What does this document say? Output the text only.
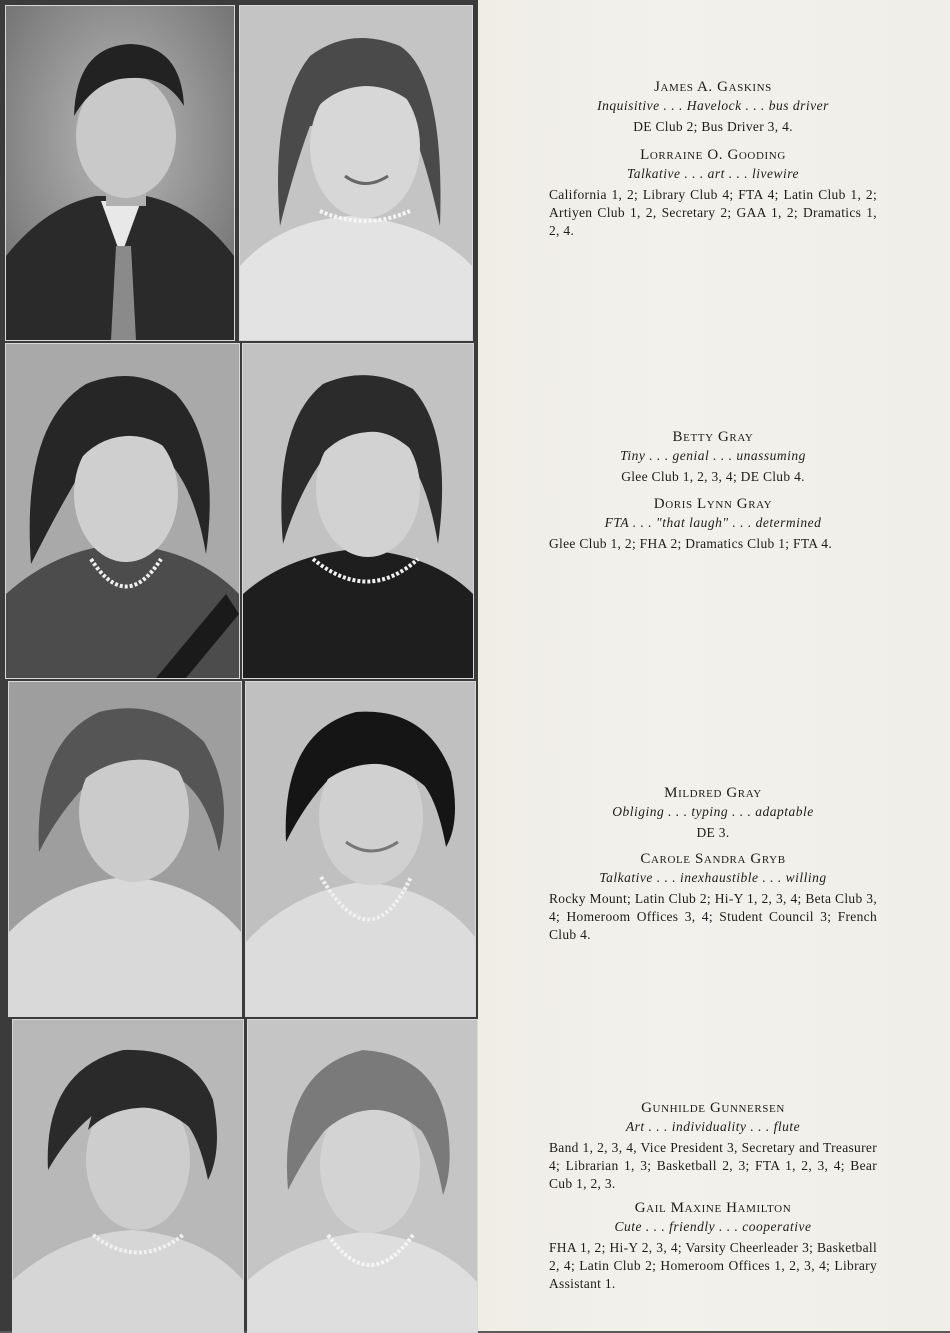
James A. Gaskins
Inquisitive . . . Havelock . . . bus driver
DE Club 2; Bus Driver 3, 4.
Lorraine O. Gooding
Talkative . . . art . . . livewire
California 1, 2; Library Club 4; FTA 4; Latin Club 1, 2; Artiyen Club 1, 2, Secretary 2; GAA 1, 2; Dramatics 1, 2, 4.
Betty Gray
Tiny . . . genial . . . unassuming
Glee Club 1, 2, 3, 4; DE Club 4.
Doris Lynn Gray
FTA . . . "that laugh" . . . determined
Glee Club 1, 2; FHA 2; Dramatics Club 1; FTA 4.
Mildred Gray
Obliging . . . typing . . . adaptable
DE 3.
Carole Sandra Gryb
Talkative . . . inexhaustible . . . willing
Rocky Mount; Latin Club 2; Hi-Y 1, 2, 3, 4; Beta Club 3, 4; Homeroom Offices 3, 4; Student Council 3; French Club 4.
Gunhilde Gunnersen
Art . . . individuality . . . flute
Band 1, 2, 3, 4, Vice President 3, Secretary and Treasurer 4; Librarian 1, 3; Basketball 2, 3; FTA 1, 2, 3, 4; Bear Cub 1, 2, 3.
Gail Maxine Hamilton
Cute . . . friendly . . . cooperative
FHA 1, 2; Hi-Y 2, 3, 4; Varsity Cheerleader 3; Basketball 2, 4; Latin Club 2; Homeroom Offices 1, 2, 3, 4; Library Assistant 1.
